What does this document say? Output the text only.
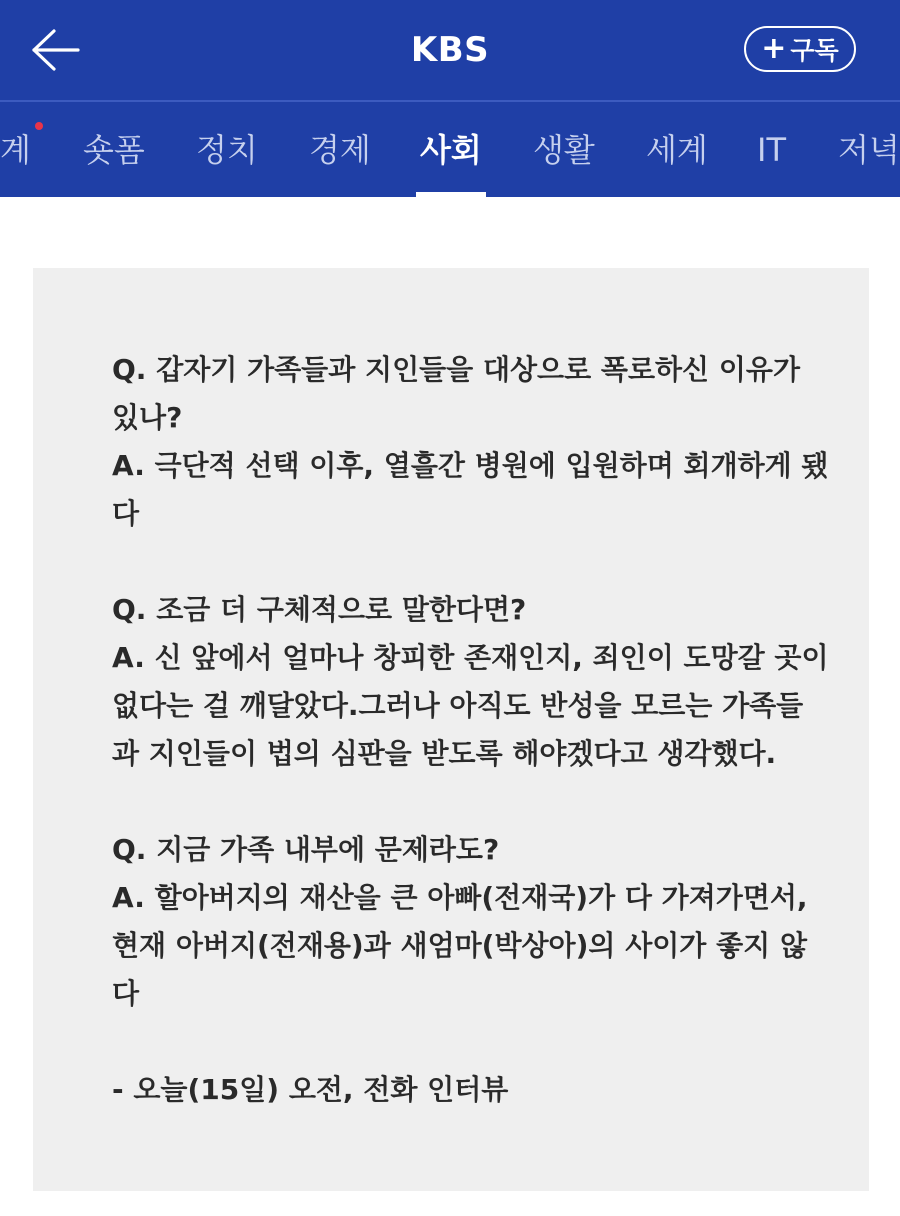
KBS	+ 구독
계 숏폼 정치 경제 사회 생활 세계 IT 저녁
Q. 갑자기 가족들과 지인들을 대상으로 폭로하신 이유가
있나?
A. 극단적 선택 이후, 열흘간 병원에 입원하며 회개하게 됐
다
Q. 조금 더 구체적으로 말한다면?
A. 신 앞에서 얼마나 창피한 존재인지, 죄인이 도망갈 곳이
없다는 걸 깨달았다.그러나 아직도 반성을 모르는 가족들
과 지인들이 법의 심판을 받도록 해야겠다고 생각했다.
Q. 지금 가족 내부에 문제라도?
A. 할아버지의 재산을 큰 아빠(전재국)가 다 가져가면서,
현재 아버지(전재용)과 새엄마(박상아)의 사이가 좋지 않
다
- 오늘(15일) 오전, 전화 인터뷰
